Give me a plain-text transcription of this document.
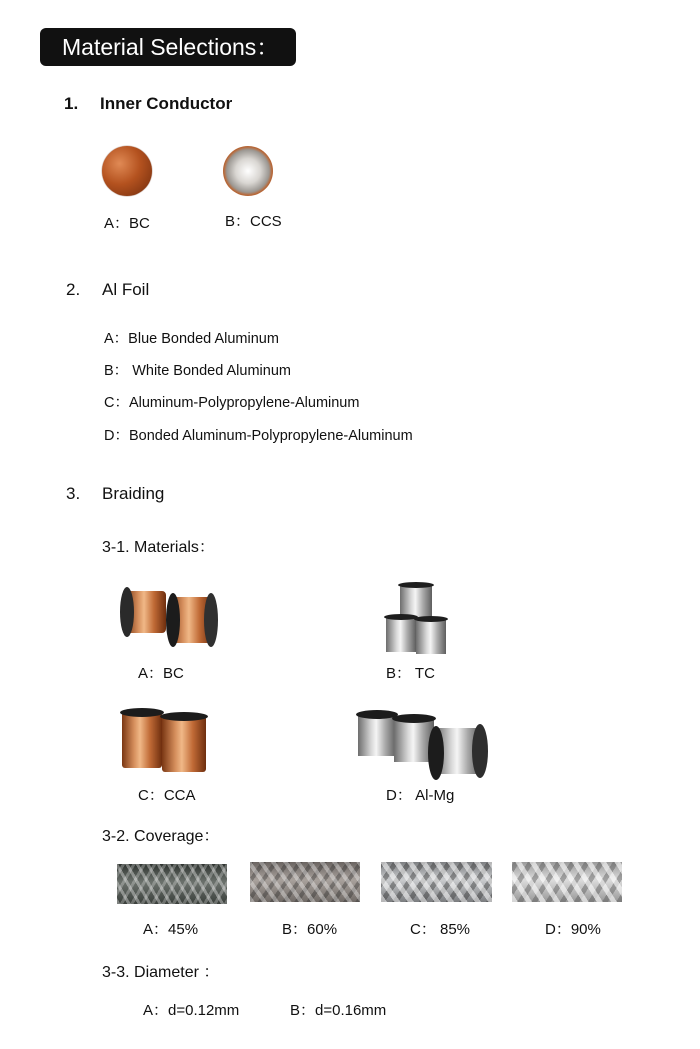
Material Selections：
1. Inner Conductor
A：BC	B：CCS
2. Al Foil
A：Blue Bonded Aluminum
B： White Bonded Aluminum
C：Aluminum-Polypropylene-Aluminum
D：Bonded Aluminum-Polypropylene-Aluminum
3. Braiding
3-1. Materials：
A：BC	B： TC
C：CCA	D： Al-Mg
3-2. Coverage：
A：45%	B：60%	C： 85%	D：90%
3-3. Diameter ：
A：d=0.12mm	B：d=0.16mm
